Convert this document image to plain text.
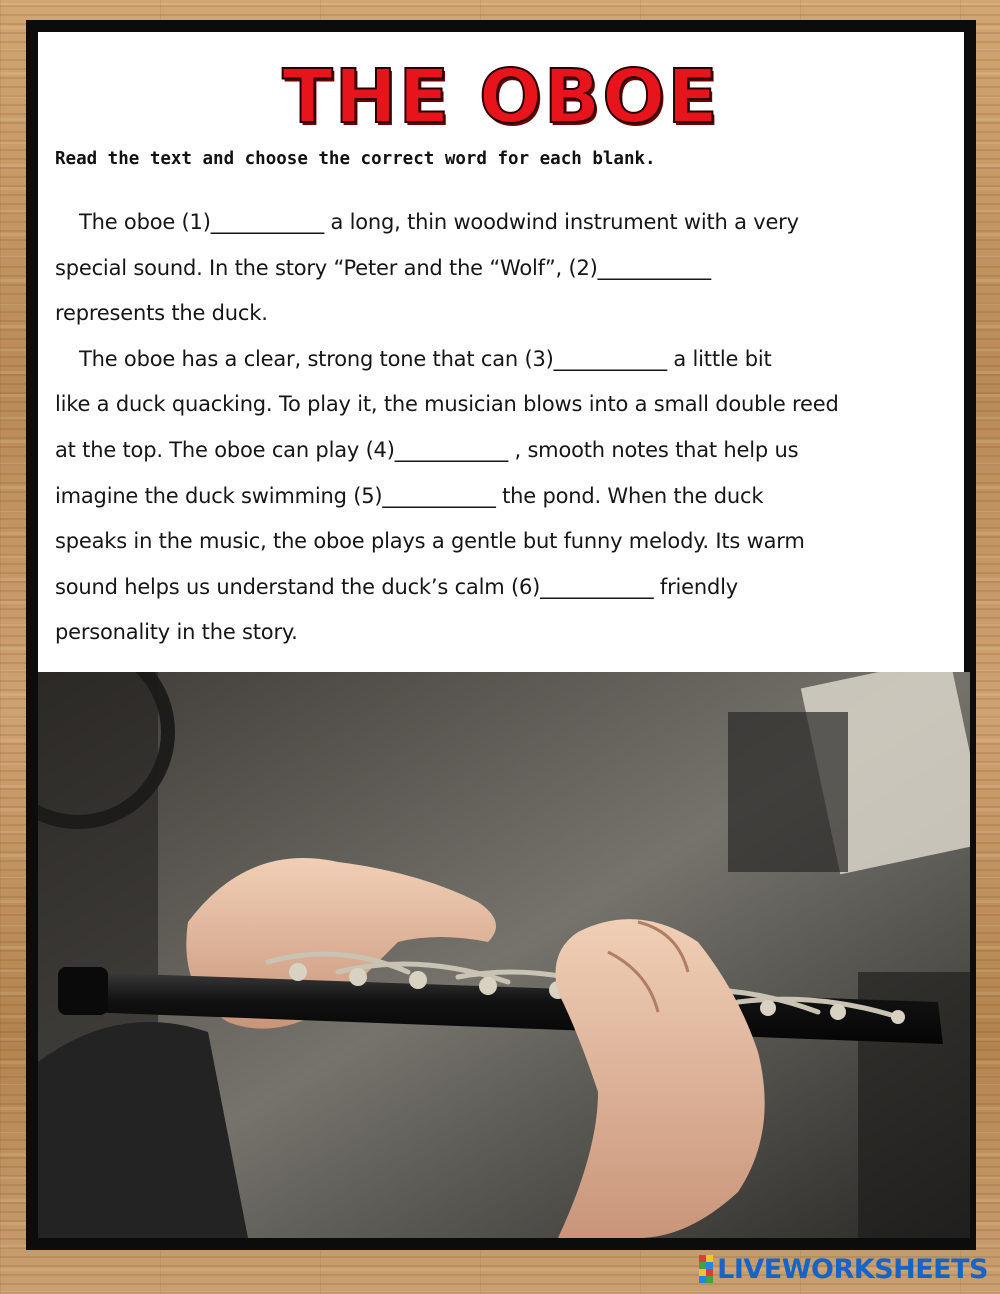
THE OBOE
Read the text and choose the correct word for each blank.

The oboe (1)___________ a long, thin woodwind instrument with a very

special sound. In the story “Peter and the “Wolf”, (2)___________

represents the duck.

The oboe has a clear, strong tone that can (3)___________ a little bit

like a duck quacking. To play it, the musician blows into a small double reed

at the top. The oboe can play (4)___________ , smooth notes that help us

imagine the duck swimming (5)___________ the pond. When the duck

speaks in the music, the oboe plays a gentle but funny melody. Its warm

sound helps us understand the duck’s calm (6)___________ friendly

personality in the story.

LIVEWORKSHEETS
